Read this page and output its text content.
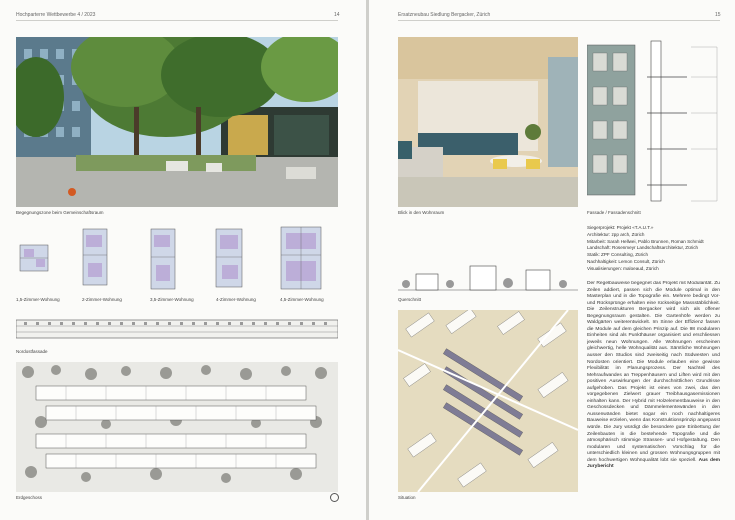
Hochparterre Wettbewerbe 4 / 2023	14
Begegnungszone beim Gemeinschaftsraum
1,5-Zimmer-Wohnung	2-Zimmer-Wohnung	3,5-Zimmer-Wohnung	4-Zimmer-Wohnung	4,5-Zimmer-Wohnung
Nordostfassade
Erdgeschoss
Ersatzneubau Siedlung Bergacker, Zürich	15
Blick in den Wohnraum	Fassade / Fassadenschnitt
Siegerprojekt: Projekt «T.A.U.T.»
Architektur: zpp arch, Zürich
Mitarbeit: Sarah Hellwei, Pablo Brunnen, Roman Schmidt
Landschaft: Rosenmeyr Landschaftsarchitektur, Zürich
Statik: ZPF Consulting, Zürich
Nachhaltigkeit: Lemon Consult, Zürich
Visualisierungen: maloeaud, Zürich
Querschnitt
Situation
Der Regelbauweise begegnet das Projekt mit Modularität. Zu Zeilen addiert, passen sich die Module optimal in den Masterplan und in die Topografie ein. Mehrere bedingt Vor- und Rücksprünge erhalten eine rückseitige Massstäblichkeit. Die Zeilenstrukturen Bergacker wird sich als offener Begegnungsraum gestalten. Die Gartenhöfe werden zu Waldgärten weiterentwickelt. Im Sinne der Effizienz fassen die Module auf dem gleichen Prinzip auf. Die 98 modularen Einheiten sind als Punkthäuser organisiert und erschliessen jeweils neun Wohnungen. Alle Wohnungen erscheinen gleichwertig, helle Wohnqualität aus. Sämtliche Wohnungen ausser den Studios sind zweiseitig nach Südwesten und Nordosten orientiert. Die Module erlauben eine gewisse Flexibilität im Planungsprozess. Der Nachteil des Mehraufwandes an Treppenhäusern und Liften wird mit den positiven Auswirkungen der durchschnittlichen Grundrisse aufgehoben. Das Projekt ist eines von zwei, das den vorgegebenen Zielwert grauer Treibhausgasemissionen einhalten kann. Der Hybrid mit Holzelementbauweise in den Geschossdecken und Dämmelementewänden in den Aussenwänden bietet sogar ein noch nachhaltigeres Bauweise erzielen, wenn das Konstruktionsprinzip angepasst würde. Die Jury würdigt die besondere gute Einbettung der Zeilenbauten in die bestehende Topografie und die atmosphärisch stimmige Strassen- und Hofgestaltung. Den modularen und systematischen Vorschlag für die unterschiedlich kleinen und grossen Wohnungsgruppen mit dem hochwertigen Wohnqualität lobt sie speziell. Aus dem Jurybericht
